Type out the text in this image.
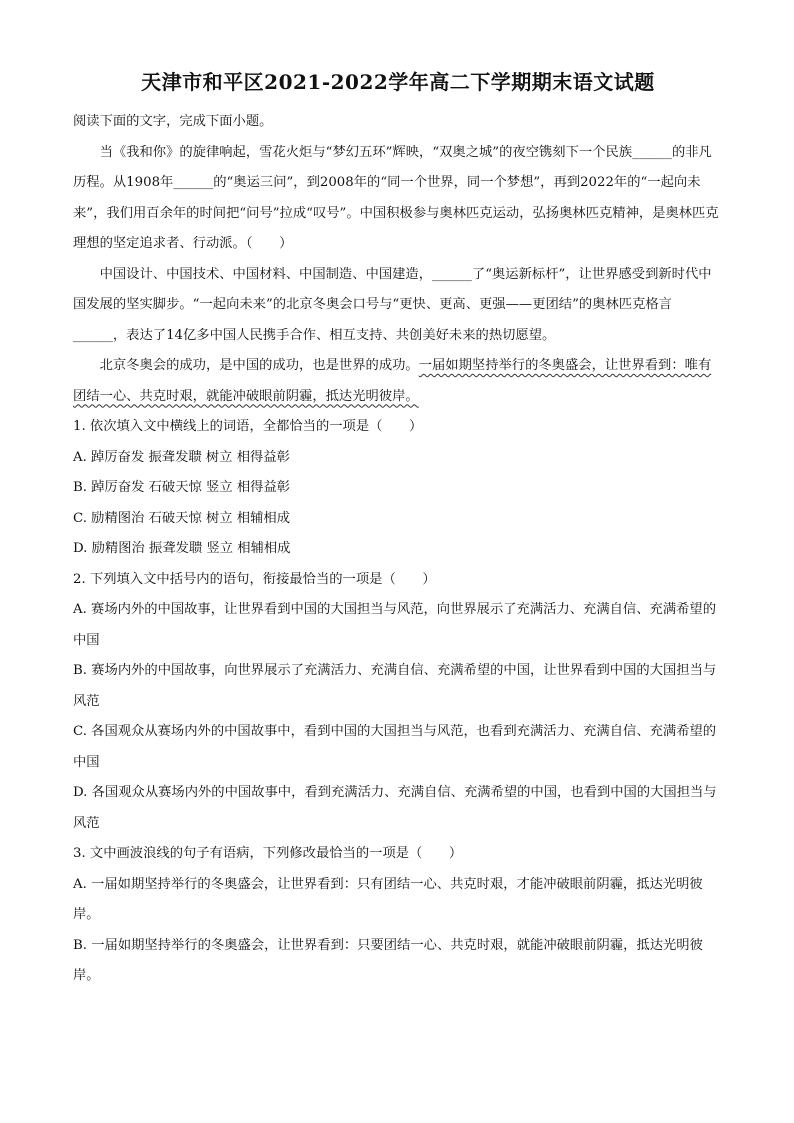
天津市和平区2021-2022学年高二下学期期末语文试题

阅读下面的文字，完成下面小题。

当《我和你》的旋律响起，雪花火炬与“梦幻五环”辉映，“双奥之城”的夜空镌刻下一个民族______的非凡历程。从1908年______的“奥运三问”，到2008年的“同一个世界，同一个梦想”，再到2022年的“一起向未来”，我们用百余年的时间把“问号”拉成“叹号”。中国积极参与奥林匹克运动，弘扬奥林匹克精神，是奥林匹克理想的坚定追求者、行动派。（　　）

中国设计、中国技术、中国材料、中国制造、中国建造，______了“奥运新标杆”，让世界感受到新时代中国发展的坚实脚步。“一起向未来”的北京冬奥会口号与“更快、更高、更强——更团结”的奥林匹克格言______，表达了14亿多中国人民携手合作、相互支持、共创美好未来的热切愿望。

北京冬奥会的成功，是中国的成功，也是世界的成功。一届如期坚持举行的冬奥盛会，让世界看到：唯有团结一心、共克时艰，就能冲破眼前阴霾，抵达光明彼岸。

1. 依次填入文中横线上的词语，全都恰当的一项是（　　）

A. 踔厉奋发 振聋发聩 树立 相得益彰

B. 踔厉奋发 石破天惊 竖立 相得益彰

C. 励精图治 石破天惊 树立 相辅相成

D. 励精图治 振聋发聩 竖立 相辅相成

2. 下列填入文中括号内的语句，衔接最恰当的一项是（　　）

A. 赛场内外的中国故事，让世界看到中国的大国担当与风范，向世界展示了充满活力、充满自信、充满希望的中国

B. 赛场内外的中国故事，向世界展示了充满活力、充满自信、充满希望的中国，让世界看到中国的大国担当与风范

C. 各国观众从赛场内外的中国故事中，看到中国的大国担当与风范，也看到充满活力、充满自信、充满希望的中国

D. 各国观众从赛场内外的中国故事中，看到充满活力、充满自信、充满希望的中国，也看到中国的大国担当与风范

3. 文中画波浪线的句子有语病，下列修改最恰当的一项是（　　）

A. 一届如期坚持举行的冬奥盛会，让世界看到：只有团结一心、共克时艰，才能冲破眼前阴霾，抵达光明彼岸。

B. 一届如期坚持举行的冬奥盛会，让世界看到：只要团结一心、共克时艰，就能冲破眼前阴霾，抵达光明彼岸。
